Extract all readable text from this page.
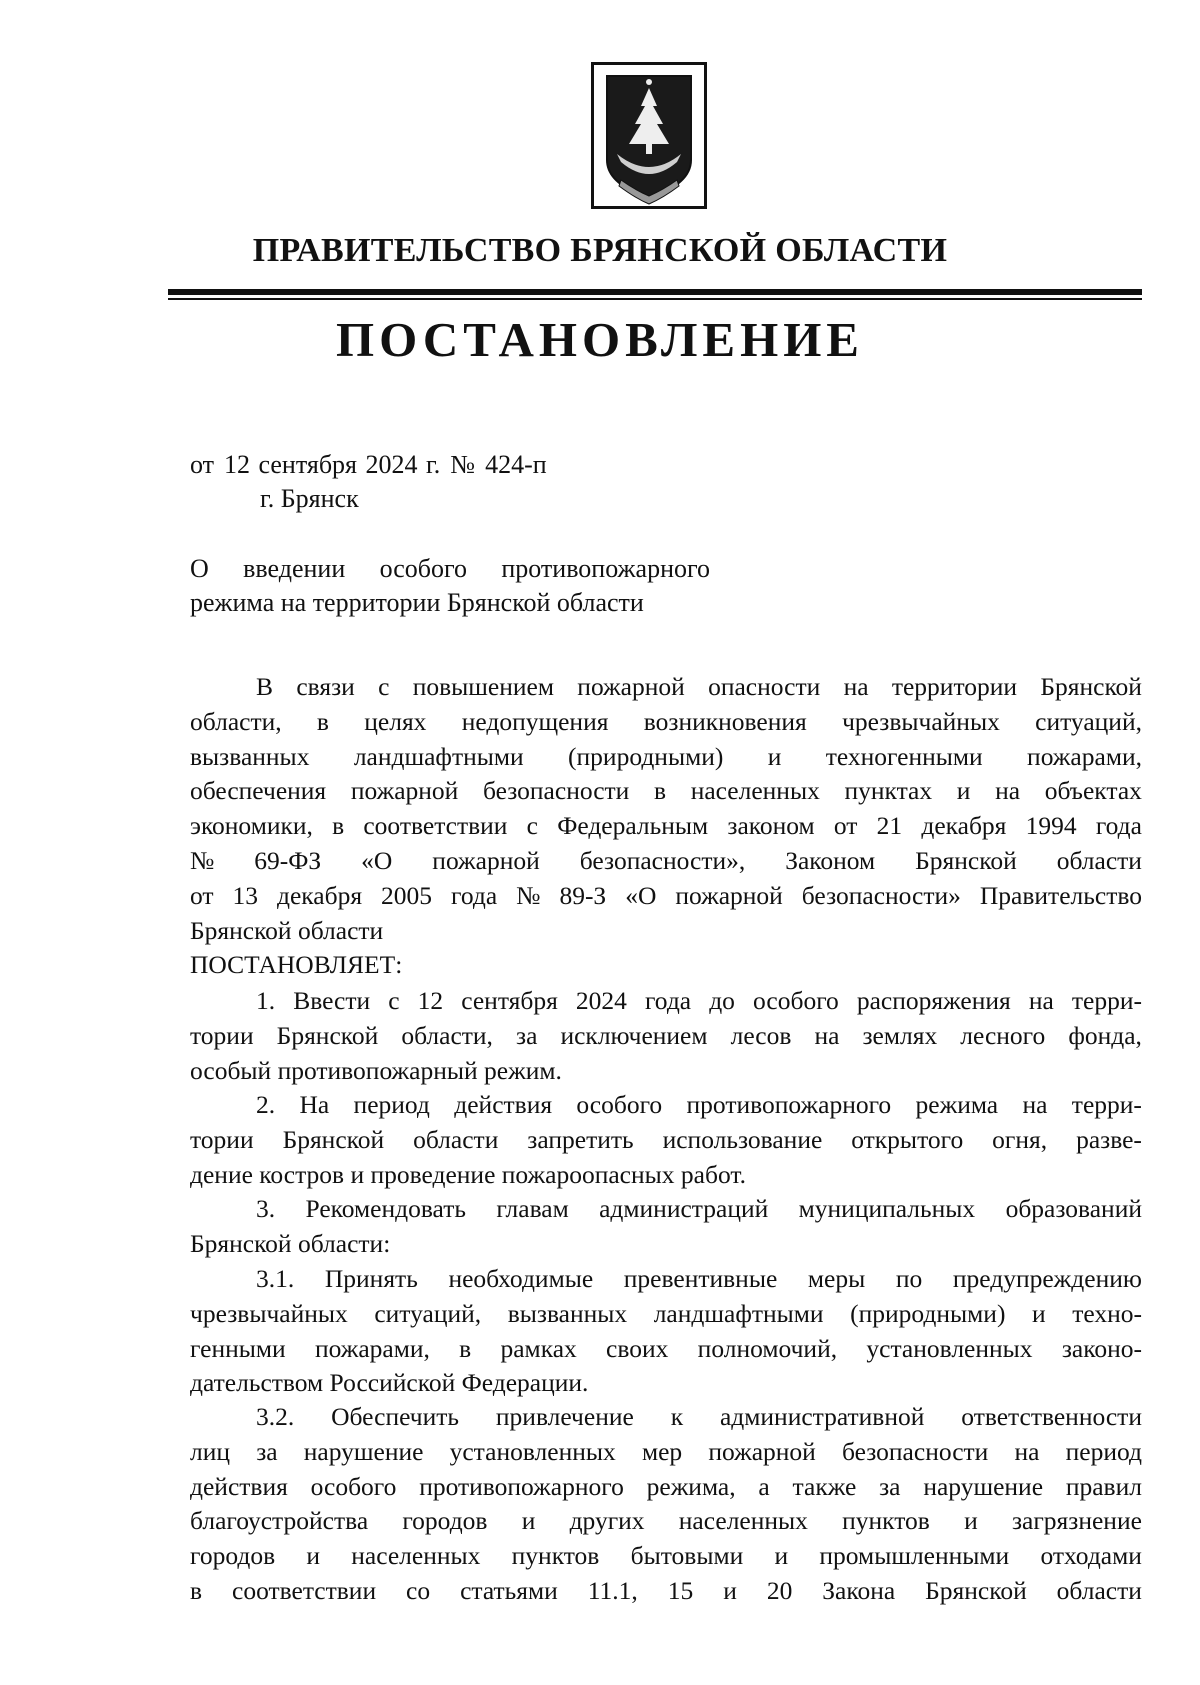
ПРАВИТЕЛЬСТВО БРЯНСКОЙ ОБЛАСТИ
ПОСТАНОВЛЕНИЕ
от 12 сентября 2024 г. № 424-п
г. Брянск
О введении особого противопожарного
режима на территории Брянской области
В связи с повышением пожарной опасности на территории Брянской
области, в целях недопущения возникновения чрезвычайных ситуаций,
вызванных ландшафтными (природными) и техногенными пожарами,
обеспечения пожарной безопасности в населенных пунктах и на объектах
экономики, в соответствии с Федеральным законом от 21 декабря 1994 года
№ 69-ФЗ «О пожарной безопасности», Законом Брянской области
от 13 декабря 2005 года № 89-З «О пожарной безопасности» Правительство
Брянской области
ПОСТАНОВЛЯЕТ:
1. Ввести с 12 сентября 2024 года до особого распоряжения на терри-
тории Брянской области, за исключением лесов на землях лесного фонда,
особый противопожарный режим.
2. На период действия особого противопожарного режима на терри-
тории Брянской области запретить использование открытого огня, разве-
дение костров и проведение пожароопасных работ.
3. Рекомендовать главам администраций муниципальных образований
Брянской области:
3.1. Принять необходимые превентивные меры по предупреждению
чрезвычайных ситуаций, вызванных ландшафтными (природными) и техно-
генными пожарами, в рамках своих полномочий, установленных законо-
дательством Российской Федерации.
3.2. Обеспечить привлечение к административной ответственности
лиц за нарушение установленных мер пожарной безопасности на период
действия особого противопожарного режима, а также за нарушение правил
благоустройства городов и других населенных пунктов и загрязнение
городов и населенных пунктов бытовыми и промышленными отходами
в соответствии со статьями 11.1, 15 и 20 Закона Брянской области
